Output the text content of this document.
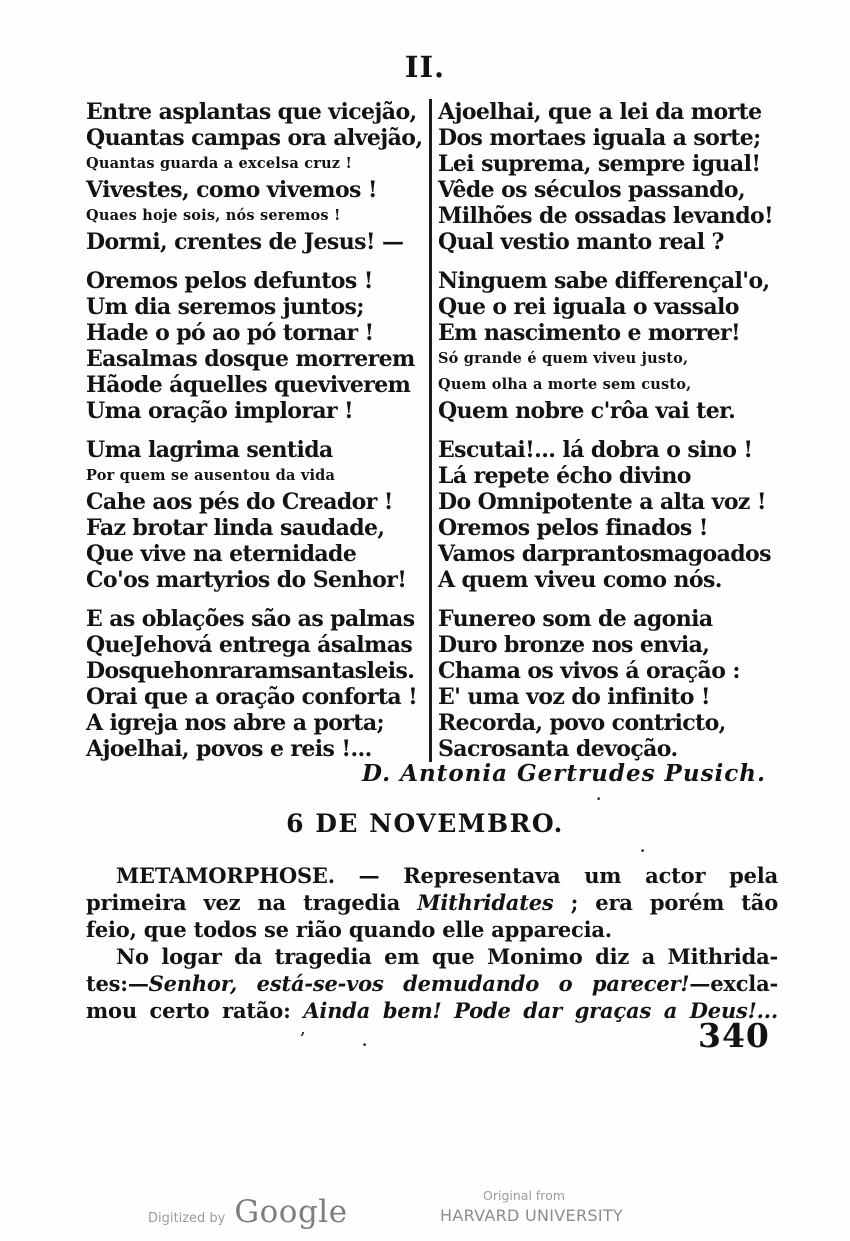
II.
Entre asplantas que vicejão,
Quantas campas ora alvejão,
Quantas guarda a excelsa cruz !
Vivestes, como vivemos !
Quaes hoje sois, nós seremos !
Dormi, crentes de Jesus! —
Oremos pelos defuntos !
Um dia seremos juntos;
Hade o pó ao pó tornar !
Easalmas dosque morrerem
Hãode áquelles queviverem
Uma oração implorar !
Uma lagrima sentida
Por quem se ausentou da vida
Cahe aos pés do Creador !
Faz brotar linda saudade,
Que vive na eternidade
Co'os martyrios do Senhor!
E as oblações são as palmas
QueJehová entrega ásalmas
Dosquehonraramsantasleis.
Orai que a oração conforta !
A igreja nos abre a porta;
Ajoelhai, povos e reis !...
Ajoelhai, que a lei da morte
Dos mortaes iguala a sorte;
Lei suprema, sempre igual!
Vêde os séculos passando,
Milhões de ossadas levando!
Qual vestio manto real ?
Ninguem sabe differençal'o,
Que o rei iguala o vassalo
Em nascimento e morrer!
Só grande é quem viveu justo,
Quem olha a morte sem custo,
Quem nobre c'rôa vai ter.
Escutai!... lá dobra o sino !
Lá repete écho divino
Do Omnipotente a alta voz !
Oremos pelos finados !
Vamos darprantosmagoados
A quem viveu como nós.
Funereo som de agonia
Duro bronze nos envia,
Chama os vivos á oração :
E' uma voz do infinito !
Recorda, povo contricto,
Sacrosanta devoção.
D. Antonia Gertrudes Pusich.
6 DE NOVEMBRO.
METAMORPHOSE. — Representava um actor pela
primeira vez na tragedia Mithridates ; era porém tão
feio, que todos se rião quando elle apparecia.
No logar da tragedia em que Monimo diz a Mithrida-
tes:—Senhor, está-se-vos demudando o parecer!—excla-
mou certo ratão: Ainda bem! Pode dar graças a Deus!...
340
Digitized by Google	Original from
HARVARD UNIVERSITY
’	.
.
.
